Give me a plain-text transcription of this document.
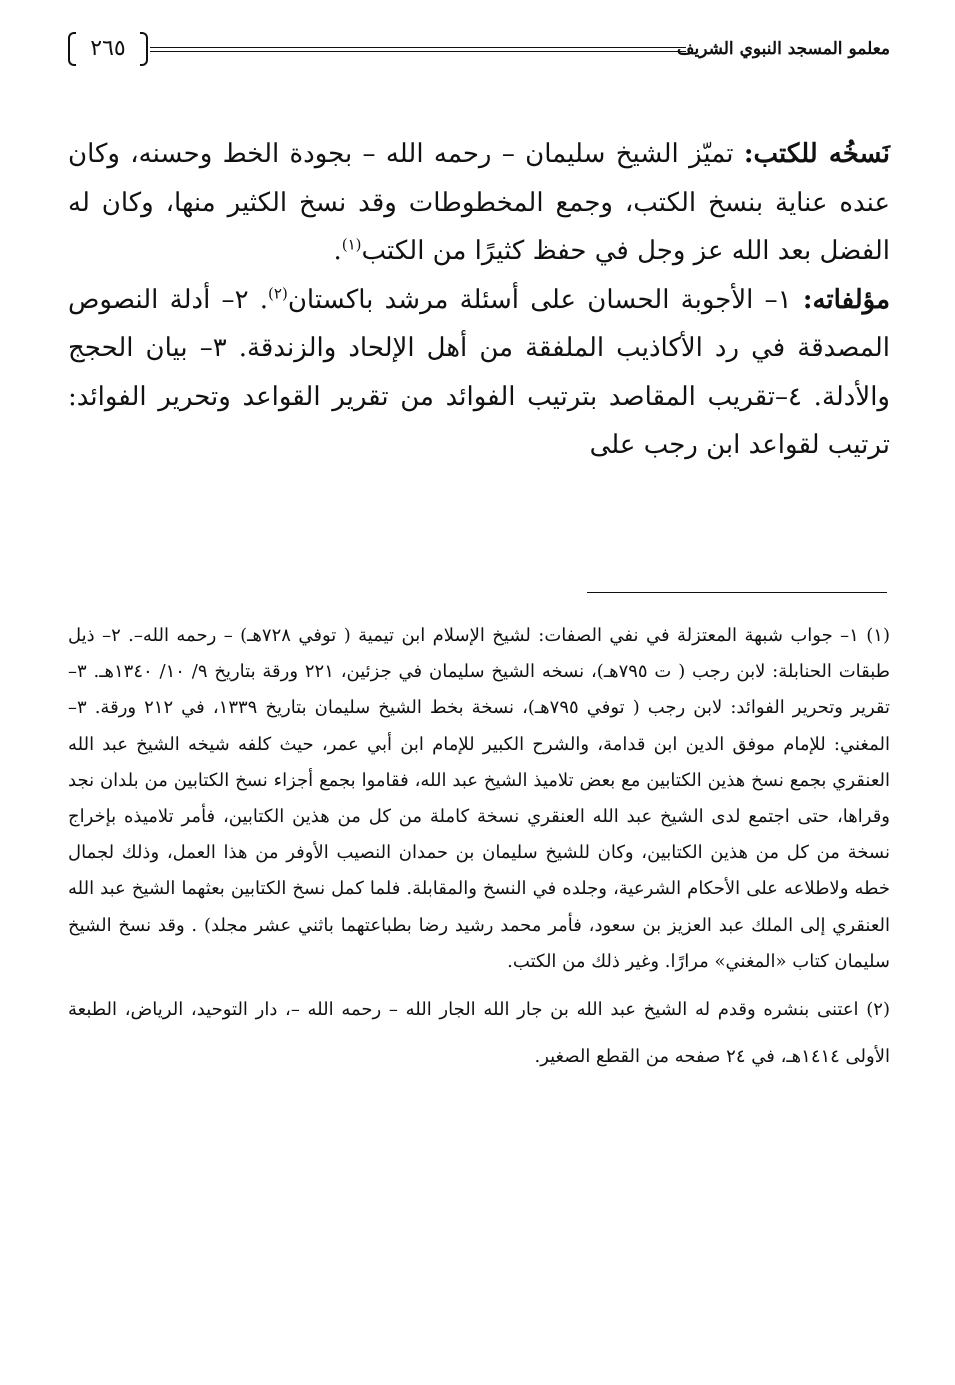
٢٦٥	معلمو المسجد النبوي الشريف

نَسخُه للكتب: تميّز الشيخ سليمان – رحمه الله – بجودة الخط وحسنه، وكان عنده عناية بنسخ الكتب، وجمع المخطوطات وقد نسخ الكثير منها، وكان له الفضل بعد الله عز وجل في حفظ كثيرًا من الكتب$^{(١)}$.

مؤلفاته: ١– الأجوبة الحسان على أسئلة مرشد باكستان$^{(٢)}$. ٢– أدلة النصوص المصدقة في رد الأكاذيب الملفقة من أهل الإلحاد والزندقة. ٣– بيان الحجج والأدلة. ٤–تقريب المقاصد بترتيب الفوائد من تقرير القواعد وتحرير الفوائد: ترتيب لقواعد ابن رجب على

(١) ١– جواب شبهة المعتزلة في نفي الصفات: لشيخ الإسلام ابن تيمية ( توفي ٧٢٨هـ) – رحمه الله–. ٢– ذيل طبقات الحنابلة: لابن رجب ( ت ٧٩٥هـ)، نسخه الشيخ سليمان في جزئين، ٢٢١ ورقة بتاريخ ٩/ ١٠/ ١٣٤٠هـ. ٣– تقرير وتحرير الفوائد: لابن رجب ( توفي ٧٩٥هـ)، نسخة بخط الشيخ سليمان بتاريخ ١٣٣٩، في ٢١٢ ورقة. ٣– المغني: للإمام موفق الدين ابن قدامة، والشرح الكبير للإمام ابن أبي عمر، حيث كلفه شيخه الشيخ عبد الله العنقري بجمع نسخ هذين الكتابين مع بعض تلاميذ الشيخ عبد الله، فقاموا بجمع أجزاء نسخ الكتابين من بلدان نجد وقراها، حتى اجتمع لدى الشيخ عبد الله العنقري نسخة كاملة من كل من هذين الكتابين، فأمر تلاميذه بإخراج نسخة من كل من هذين الكتابين، وكان للشيخ سليمان بن حمدان النصيب الأوفر من هذا العمل، وذلك لجمال خطه ولاطلاعه على الأحكام الشرعية، وجلده في النسخ والمقابلة. فلما كمل نسخ الكتابين بعثهما الشيخ عبد الله العنقري إلى الملك عبد العزيز بن سعود، فأمر محمد رشيد رضا بطباعتهما باثني عشر مجلد) . وقد نسخ الشيخ سليمان كتاب «المغني» مرارًا. وغير ذلك من الكتب.

(٢) اعتنى بنشره وقدم له الشيخ عبد الله بن جار الله الجار الله – رحمه الله –، دار التوحيد، الرياض، الطبعة الأولى ١٤١٤هـ، في ٢٤ صفحه من القطع الصغير.
